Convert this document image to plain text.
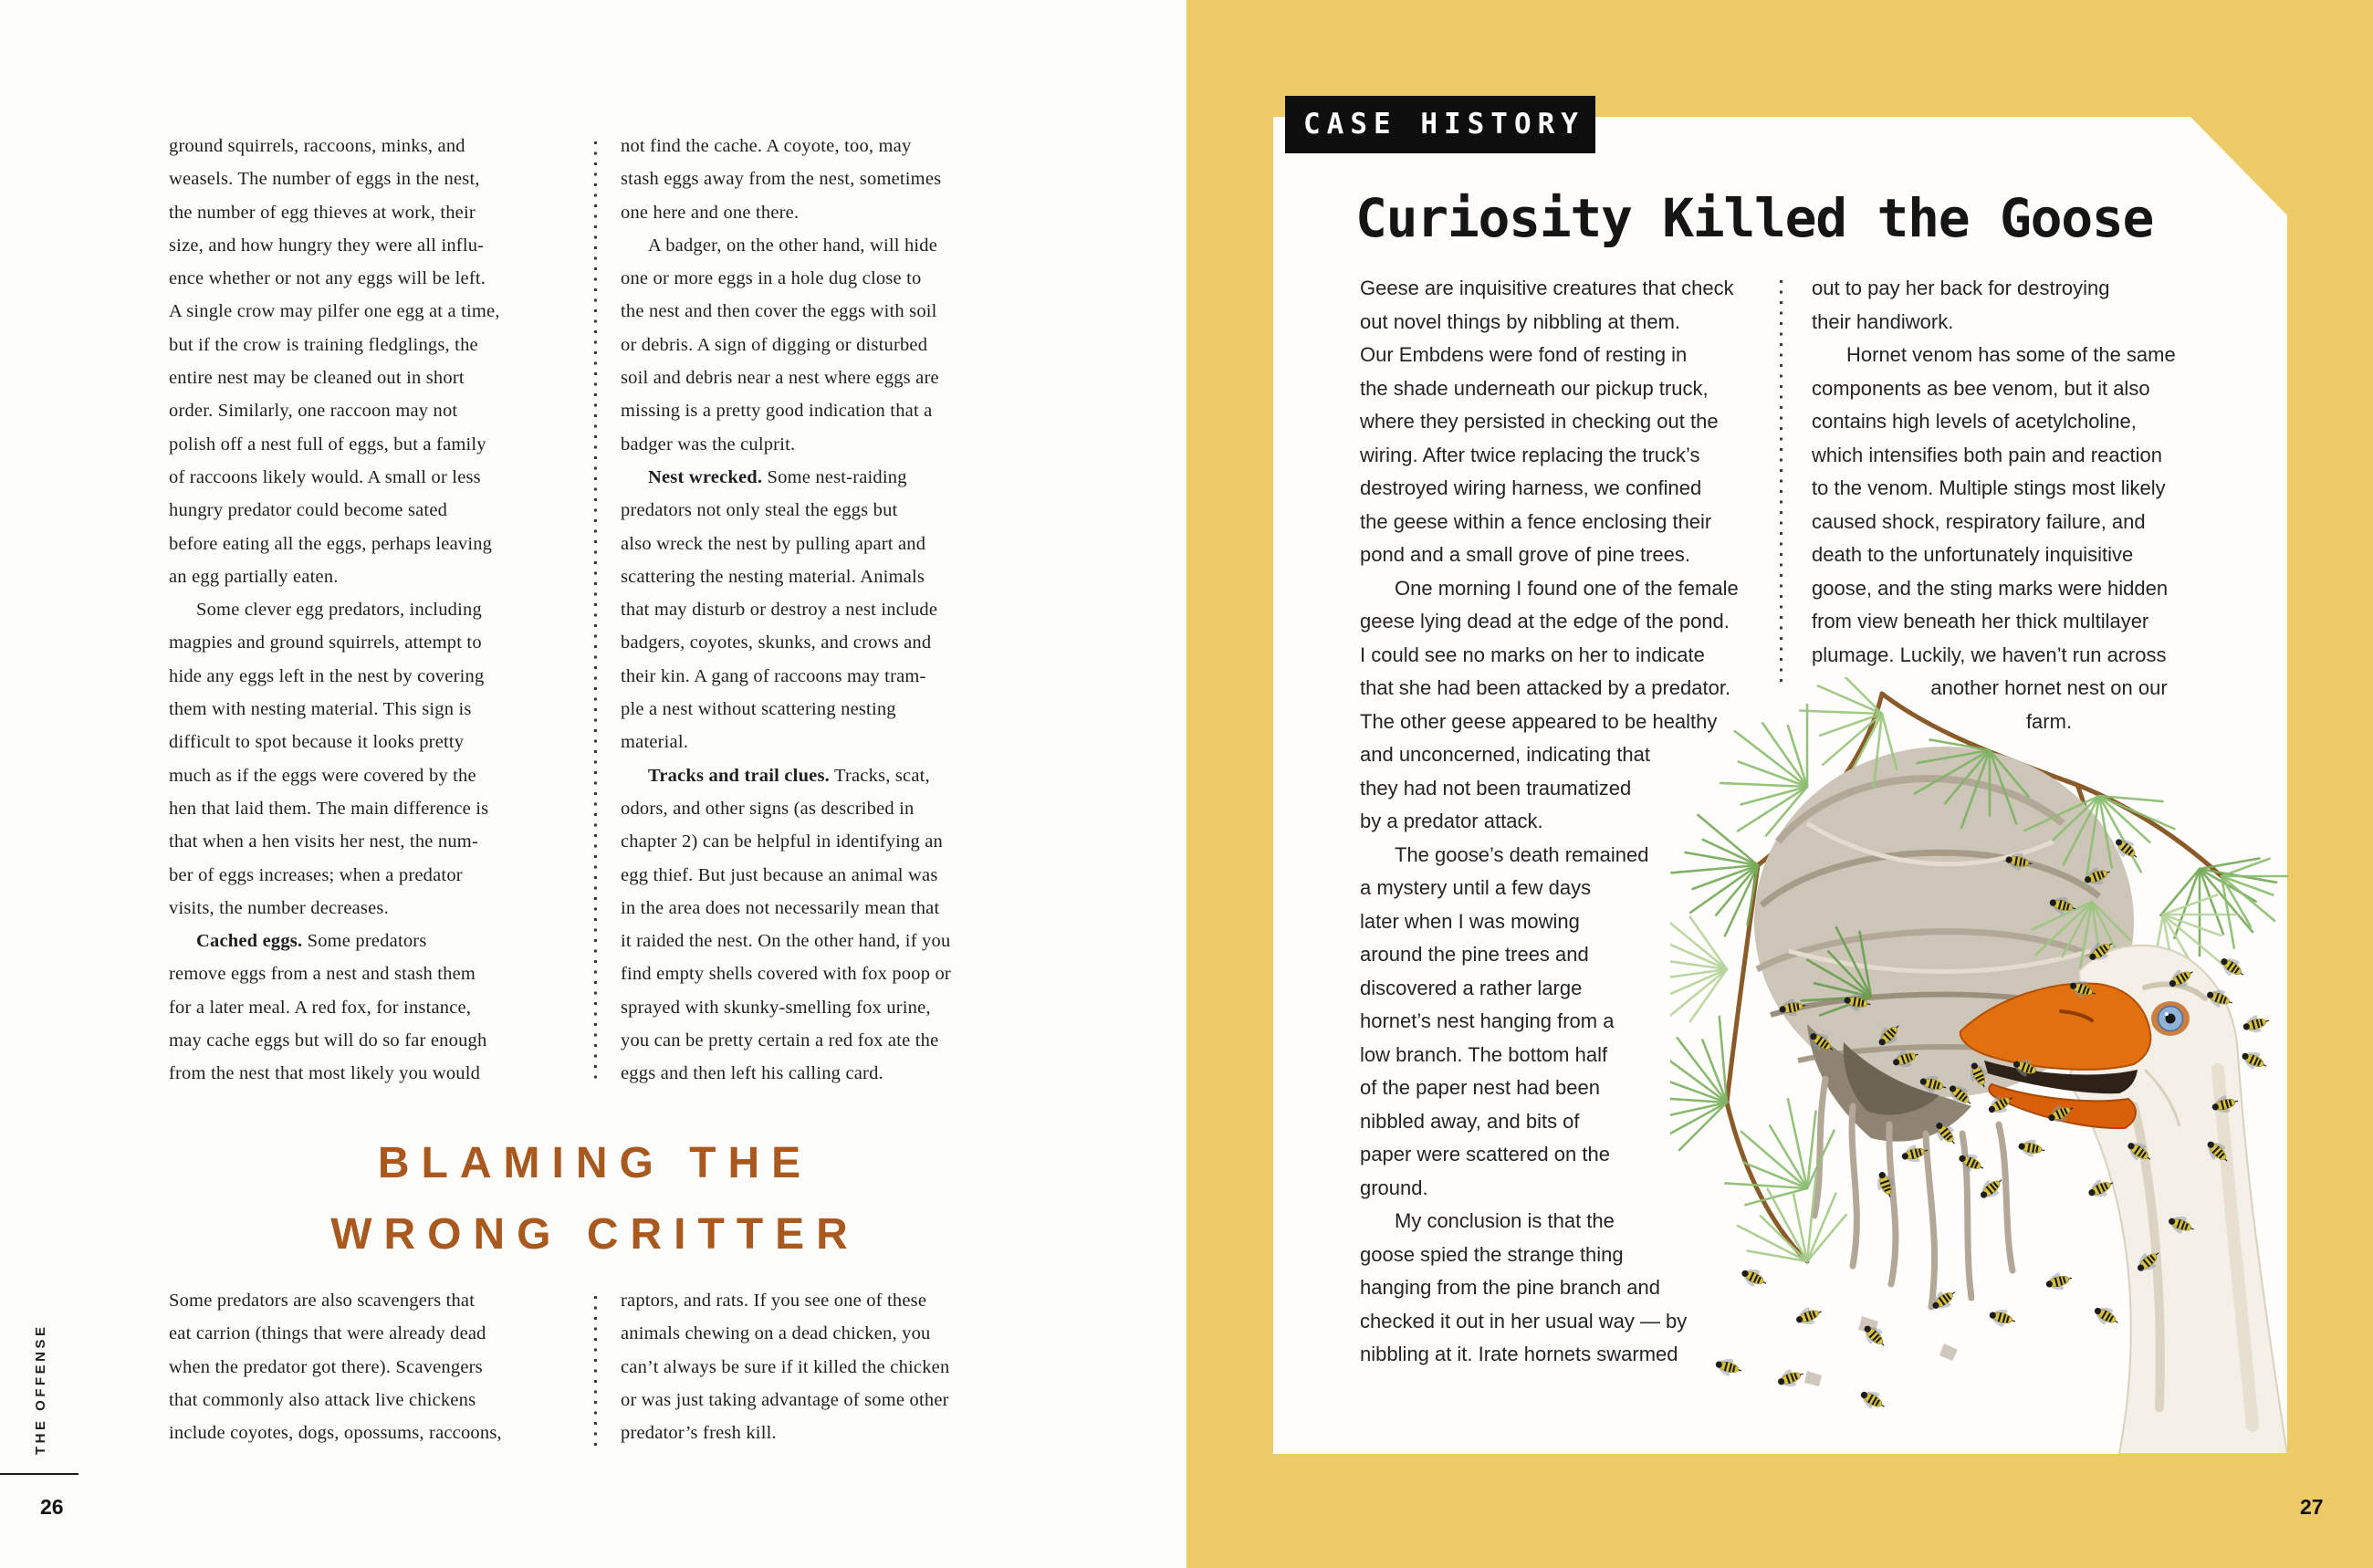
ground squirrels, raccoons, minks, and
weasels. The number of eggs in the nest,
the number of egg thieves at work, their
size, and how hungry they were all influ-
ence whether or not any eggs will be left.
A single crow may pilfer one egg at a time,
but if the crow is training fledglings, the
entire nest may be cleaned out in short
order. Similarly, one raccoon may not
polish off a nest full of eggs, but a family
of raccoons likely would. A small or less
hungry predator could become sated
before eating all the eggs, perhaps leaving
an egg partially eaten.
Some clever egg predators, including
magpies and ground squirrels, attempt to
hide any eggs left in the nest by covering
them with nesting material. This sign is
difficult to spot because it looks pretty
much as if the eggs were covered by the
hen that laid them. The main difference is
that when a hen visits her nest, the num-
ber of eggs increases; when a predator
visits, the number decreases.
Cached eggs. Some predators
remove eggs from a nest and stash them
for a later meal. A red fox, for instance,
may cache eggs but will do so far enough
from the nest that most likely you would
not find the cache. A coyote, too, may
stash eggs away from the nest, sometimes
one here and one there.
A badger, on the other hand, will hide
one or more eggs in a hole dug close to
the nest and then cover the eggs with soil
or debris. A sign of digging or disturbed
soil and debris near a nest where eggs are
missing is a pretty good indication that a
badger was the culprit.
Nest wrecked. Some nest-raiding
predators not only steal the eggs but
also wreck the nest by pulling apart and
scattering the nesting material. Animals
that may disturb or destroy a nest include
badgers, coyotes, skunks, and crows and
their kin. A gang of raccoons may tram-
ple a nest without scattering nesting
material.
Tracks and trail clues. Tracks, scat,
odors, and other signs (as described in
chapter 2) can be helpful in identifying an
egg thief. But just because an animal was
in the area does not necessarily mean that
it raided the nest. On the other hand, if you
find empty shells covered with fox poop or
sprayed with skunky-smelling fox urine,
you can be pretty certain a red fox ate the
eggs and then left his calling card.
BLAMING THE
WRONG CRITTER
Some predators are also scavengers that
eat carrion (things that were already dead
when the predator got there). Scavengers
that commonly also attack live chickens
include coyotes, dogs, opossums, raccoons,
raptors, and rats. If you see one of these
animals chewing on a dead chicken, you
can’t always be sure if it killed the chicken
or was just taking advantage of some other
predator’s fresh kill.
THE OFFENSE
26
CASE HISTORY
Curiosity Killed the Goose
Geese are inquisitive creatures that check
out novel things by nibbling at them.
Our Embdens were fond of resting in
the shade underneath our pickup truck,
where they persisted in checking out the
wiring. After twice replacing the truck’s
destroyed wiring harness, we confined
the geese within a fence enclosing their
pond and a small grove of pine trees.
One morning I found one of the female
geese lying dead at the edge of the pond.
I could see no marks on her to indicate
that she had been attacked by a predator.
The other geese appeared to be healthy
and unconcerned, indicating that
they had not been traumatized
by a predator attack.
The goose’s death remained
a mystery until a few days
later when I was mowing
around the pine trees and
discovered a rather large
hornet’s nest hanging from a
low branch. The bottom half
of the paper nest had been
nibbled away, and bits of
paper were scattered on the
ground.
My conclusion is that the
goose spied the strange thing
hanging from the pine branch and
checked it out in her usual way — by
nibbling at it. Irate hornets swarmed
out to pay her back for destroying
their handiwork.
Hornet venom has some of the same
components as bee venom, but it also
contains high levels of acetylcholine,
which intensifies both pain and reaction
to the venom. Multiple stings most likely
caused shock, respiratory failure, and
death to the unfortunately inquisitive
goose, and the sting marks were hidden
from view beneath her thick multilayer
plumage. Luckily, we haven’t run across
another hornet nest on our
farm.
27
